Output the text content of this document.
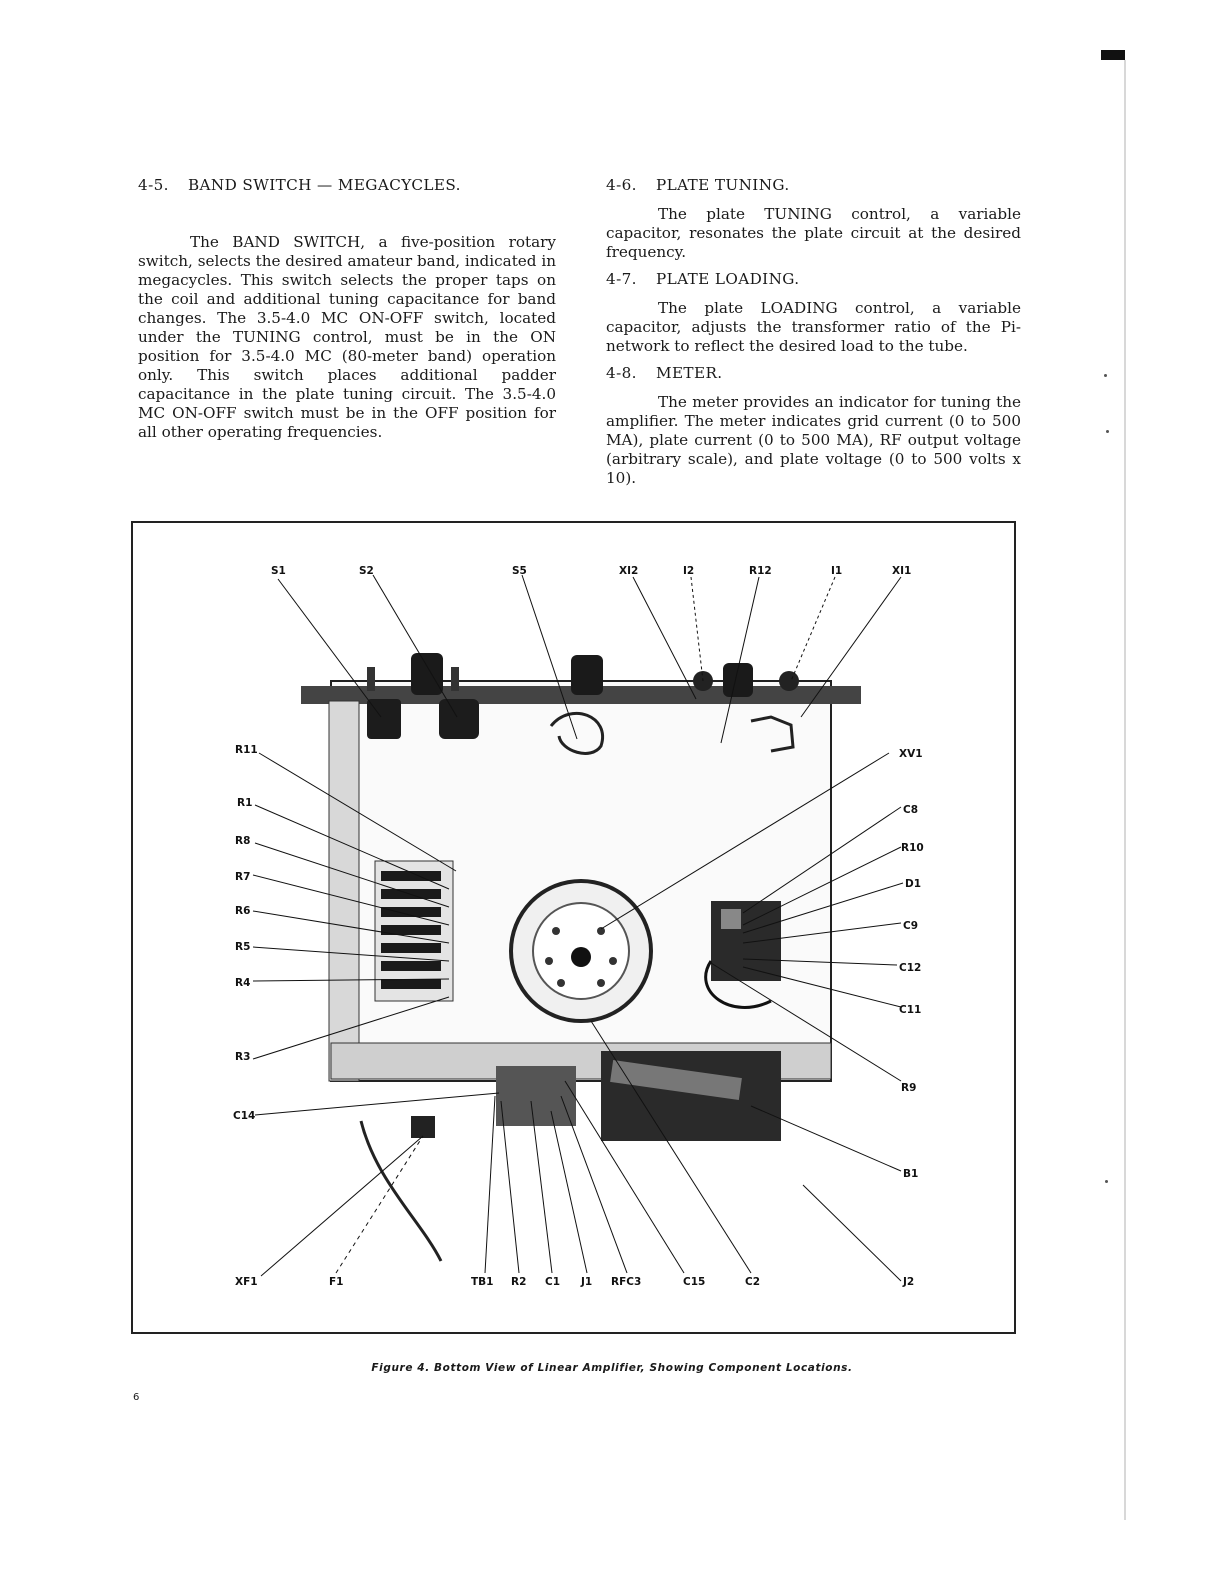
4-5. BAND SWITCH — MEGACYCLES.

The BAND SWITCH, a five-position rotary switch, selects the desired amateur band, indicated in megacycles. This switch selects the proper taps on the coil and additional tuning capacitance for band changes. The 3.5-4.0 MC ON-OFF switch, located under the TUNING control, must be in the ON position for 3.5-4.0 MC (80-meter band) operation only. This switch places additional padder capacitance in the plate tuning circuit. The 3.5-4.0 MC ON-OFF switch must be in the OFF position for all other operating frequencies.

4-6. PLATE TUNING.

The plate TUNING control, a variable capacitor, resonates the plate circuit at the desired frequency.

4-7. PLATE LOADING.

The plate LOADING control, a variable capacitor, adjusts the transformer ratio of the Pi-network to reflect the desired load to the tube.

4-8. METER.

The meter provides an indicator for tuning the amplifier. The meter indicates grid current (0 to 500 MA), plate current (0 to 500 MA), RF output voltage (arbitrary scale), and plate voltage (0 to 500 volts x 10).

S1	S2	S5	XI2	I2	R12	I1	XI1
R11
R1
R8
R7
R6
R5
R4
R3
C14
XV1
C8
R10
D1
C9
C12
C11
R9
B1
XF1	F1	TB1 R2 C1 J1 RFC3	C15	C2	J2
Figure 4. Bottom View of Linear Amplifier, Showing Component Locations.
6
